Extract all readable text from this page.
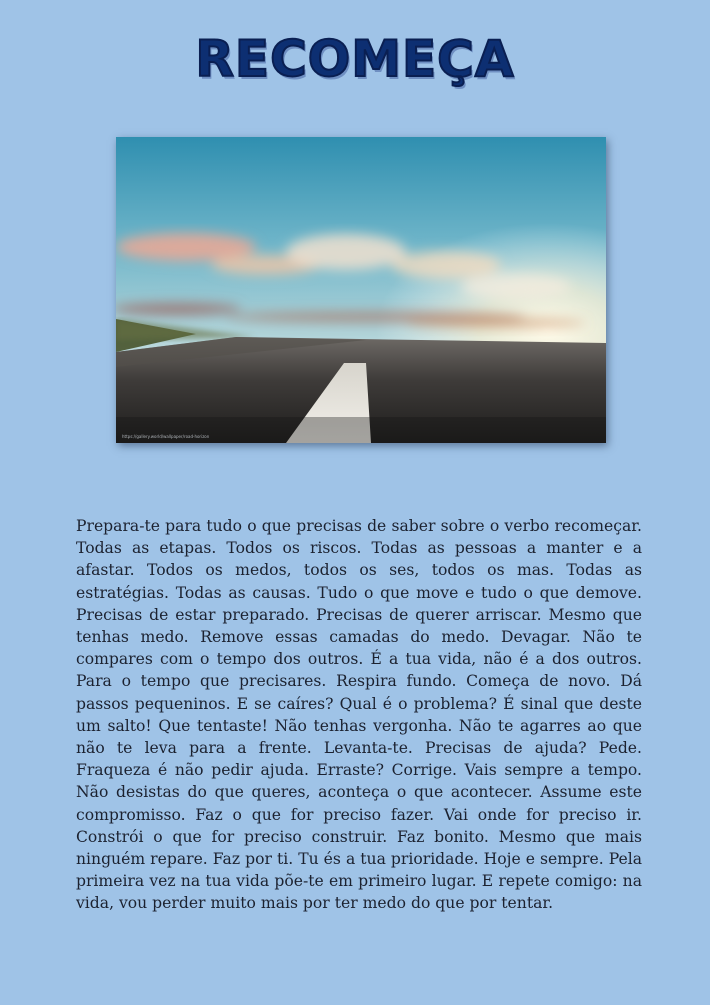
RECOMEÇA
https://gallery.world/wallpaper/road-horizon

Prepara-te para tudo o que precisas de saber sobre o verbo recomeçar. Todas as etapas. Todos os riscos. Todas as pessoas a manter e a afastar. Todos os medos, todos os ses, todos os mas. Todas as estratégias. Todas as causas. Tudo o que move e tudo o que demove. Precisas de estar preparado. Precisas de querer arriscar. Mesmo que tenhas medo. Remove essas camadas do medo. Devagar. Não te compares com o tempo dos outros. É a tua vida, não é a dos outros. Para o tempo que precisares. Respira fundo. Começa de novo. Dá passos pequeninos. E se caíres? Qual é o problema? É sinal que deste um salto! Que tentaste! Não tenhas vergonha. Não te agarres ao que não te leva para a frente. Levanta-te. Precisas de ajuda? Pede. Fraqueza é não pedir ajuda. Erraste? Corrige. Vais sempre a tempo. Não desistas do que queres, aconteça o que acontecer. Assume este compromisso. Faz o que for preciso fazer. Vai onde for preciso ir. Constrói o que for preciso construir. Faz bonito. Mesmo que mais ninguém repare. Faz por ti. Tu és a tua prioridade. Hoje e sempre. Pela primeira vez na tua vida põe-te em primeiro lugar. E repete comigo: na vida, vou perder muito mais por ter medo do que por tentar.
